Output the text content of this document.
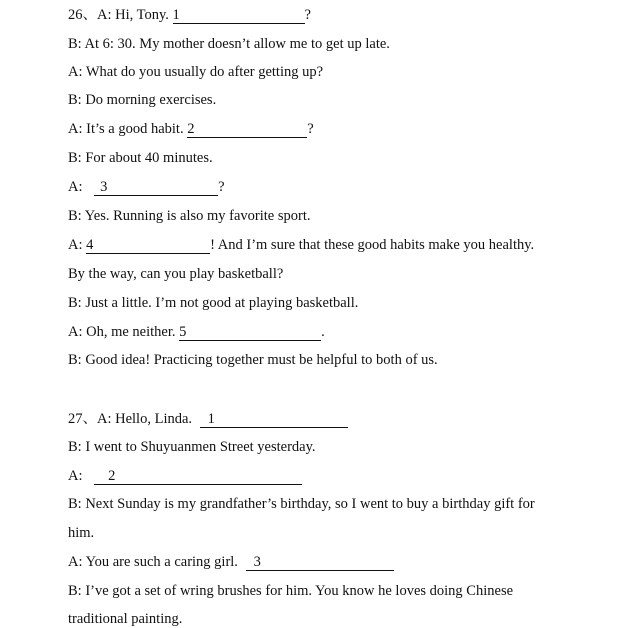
26、A: Hi, Tony. 1	?
B: At 6: 30. My mother doesn’t allow me to get up late.
A: What do you usually do after getting up?
B: Do morning exercises.
A: It’s a good habit. 2	?
B: For about 40 minutes.
A: 3	?
B: Yes. Running is also my favorite sport.
A: 4	! And I’m sure that these good habits make you healthy.
By the way, can you play basketball?
B: Just a little. I’m not good at playing basketball.
A: Oh, me neither. 5	.
B: Good idea! Practicing together must be helpful to both of us.
27、A: Hello, Linda. 1
B: I went to Shuyuanmen Street yesterday.
A: 2
B: Next Sunday is my grandfather’s birthday, so I went to buy a birthday gift for
him.
A: You are such a caring girl. 3
B: I’ve got a set of wring brushes for him. You know he loves doing Chinese
traditional painting.
